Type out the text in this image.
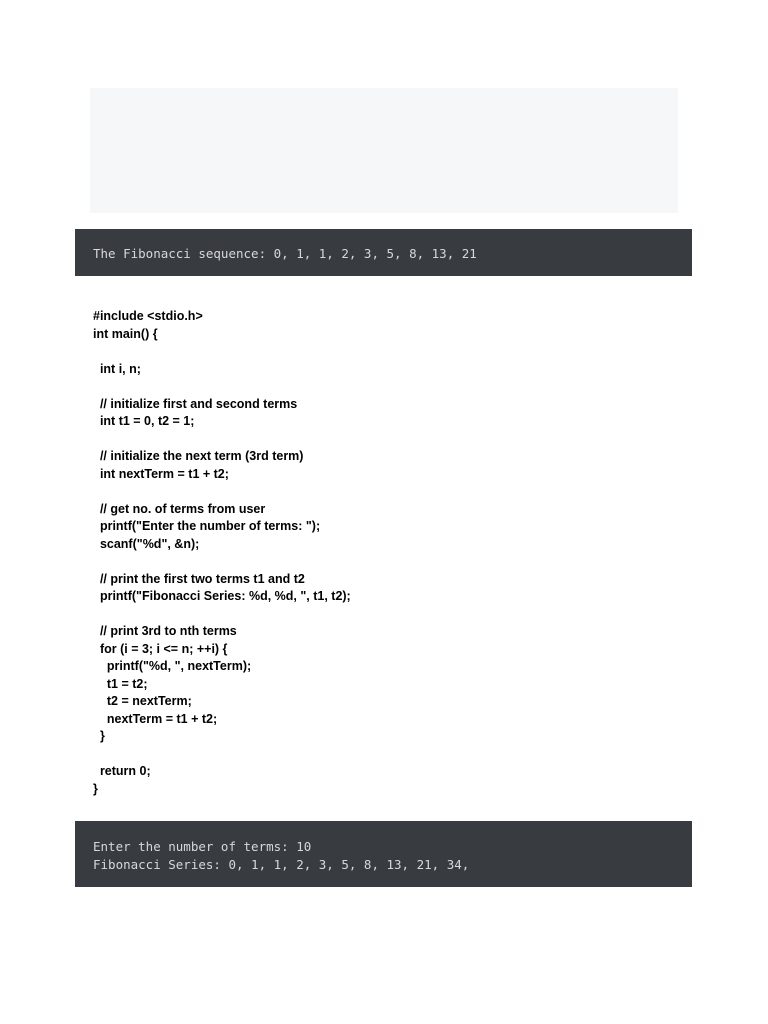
The Fibonacci sequence: 0, 1, 1, 2, 3, 5, 8, 13, 21
#include <stdio.h>
int main() {
int i, n;
// initialize first and second terms
int t1 = 0, t2 = 1;
// initialize the next term (3rd term)
int nextTerm = t1 + t2;
// get no. of terms from user
printf("Enter the number of terms: ");
scanf("%d", &n);
// print the first two terms t1 and t2
printf("Fibonacci Series: %d, %d, ", t1, t2);
// print 3rd to nth terms
for (i = 3; i <= n; ++i) {
printf("%d, ", nextTerm);
t1 = t2;
t2 = nextTerm;
nextTerm = t1 + t2;
}
return 0;
}
Enter the number of terms: 10
Fibonacci Series: 0, 1, 1, 2, 3, 5, 8, 13, 21, 34,
